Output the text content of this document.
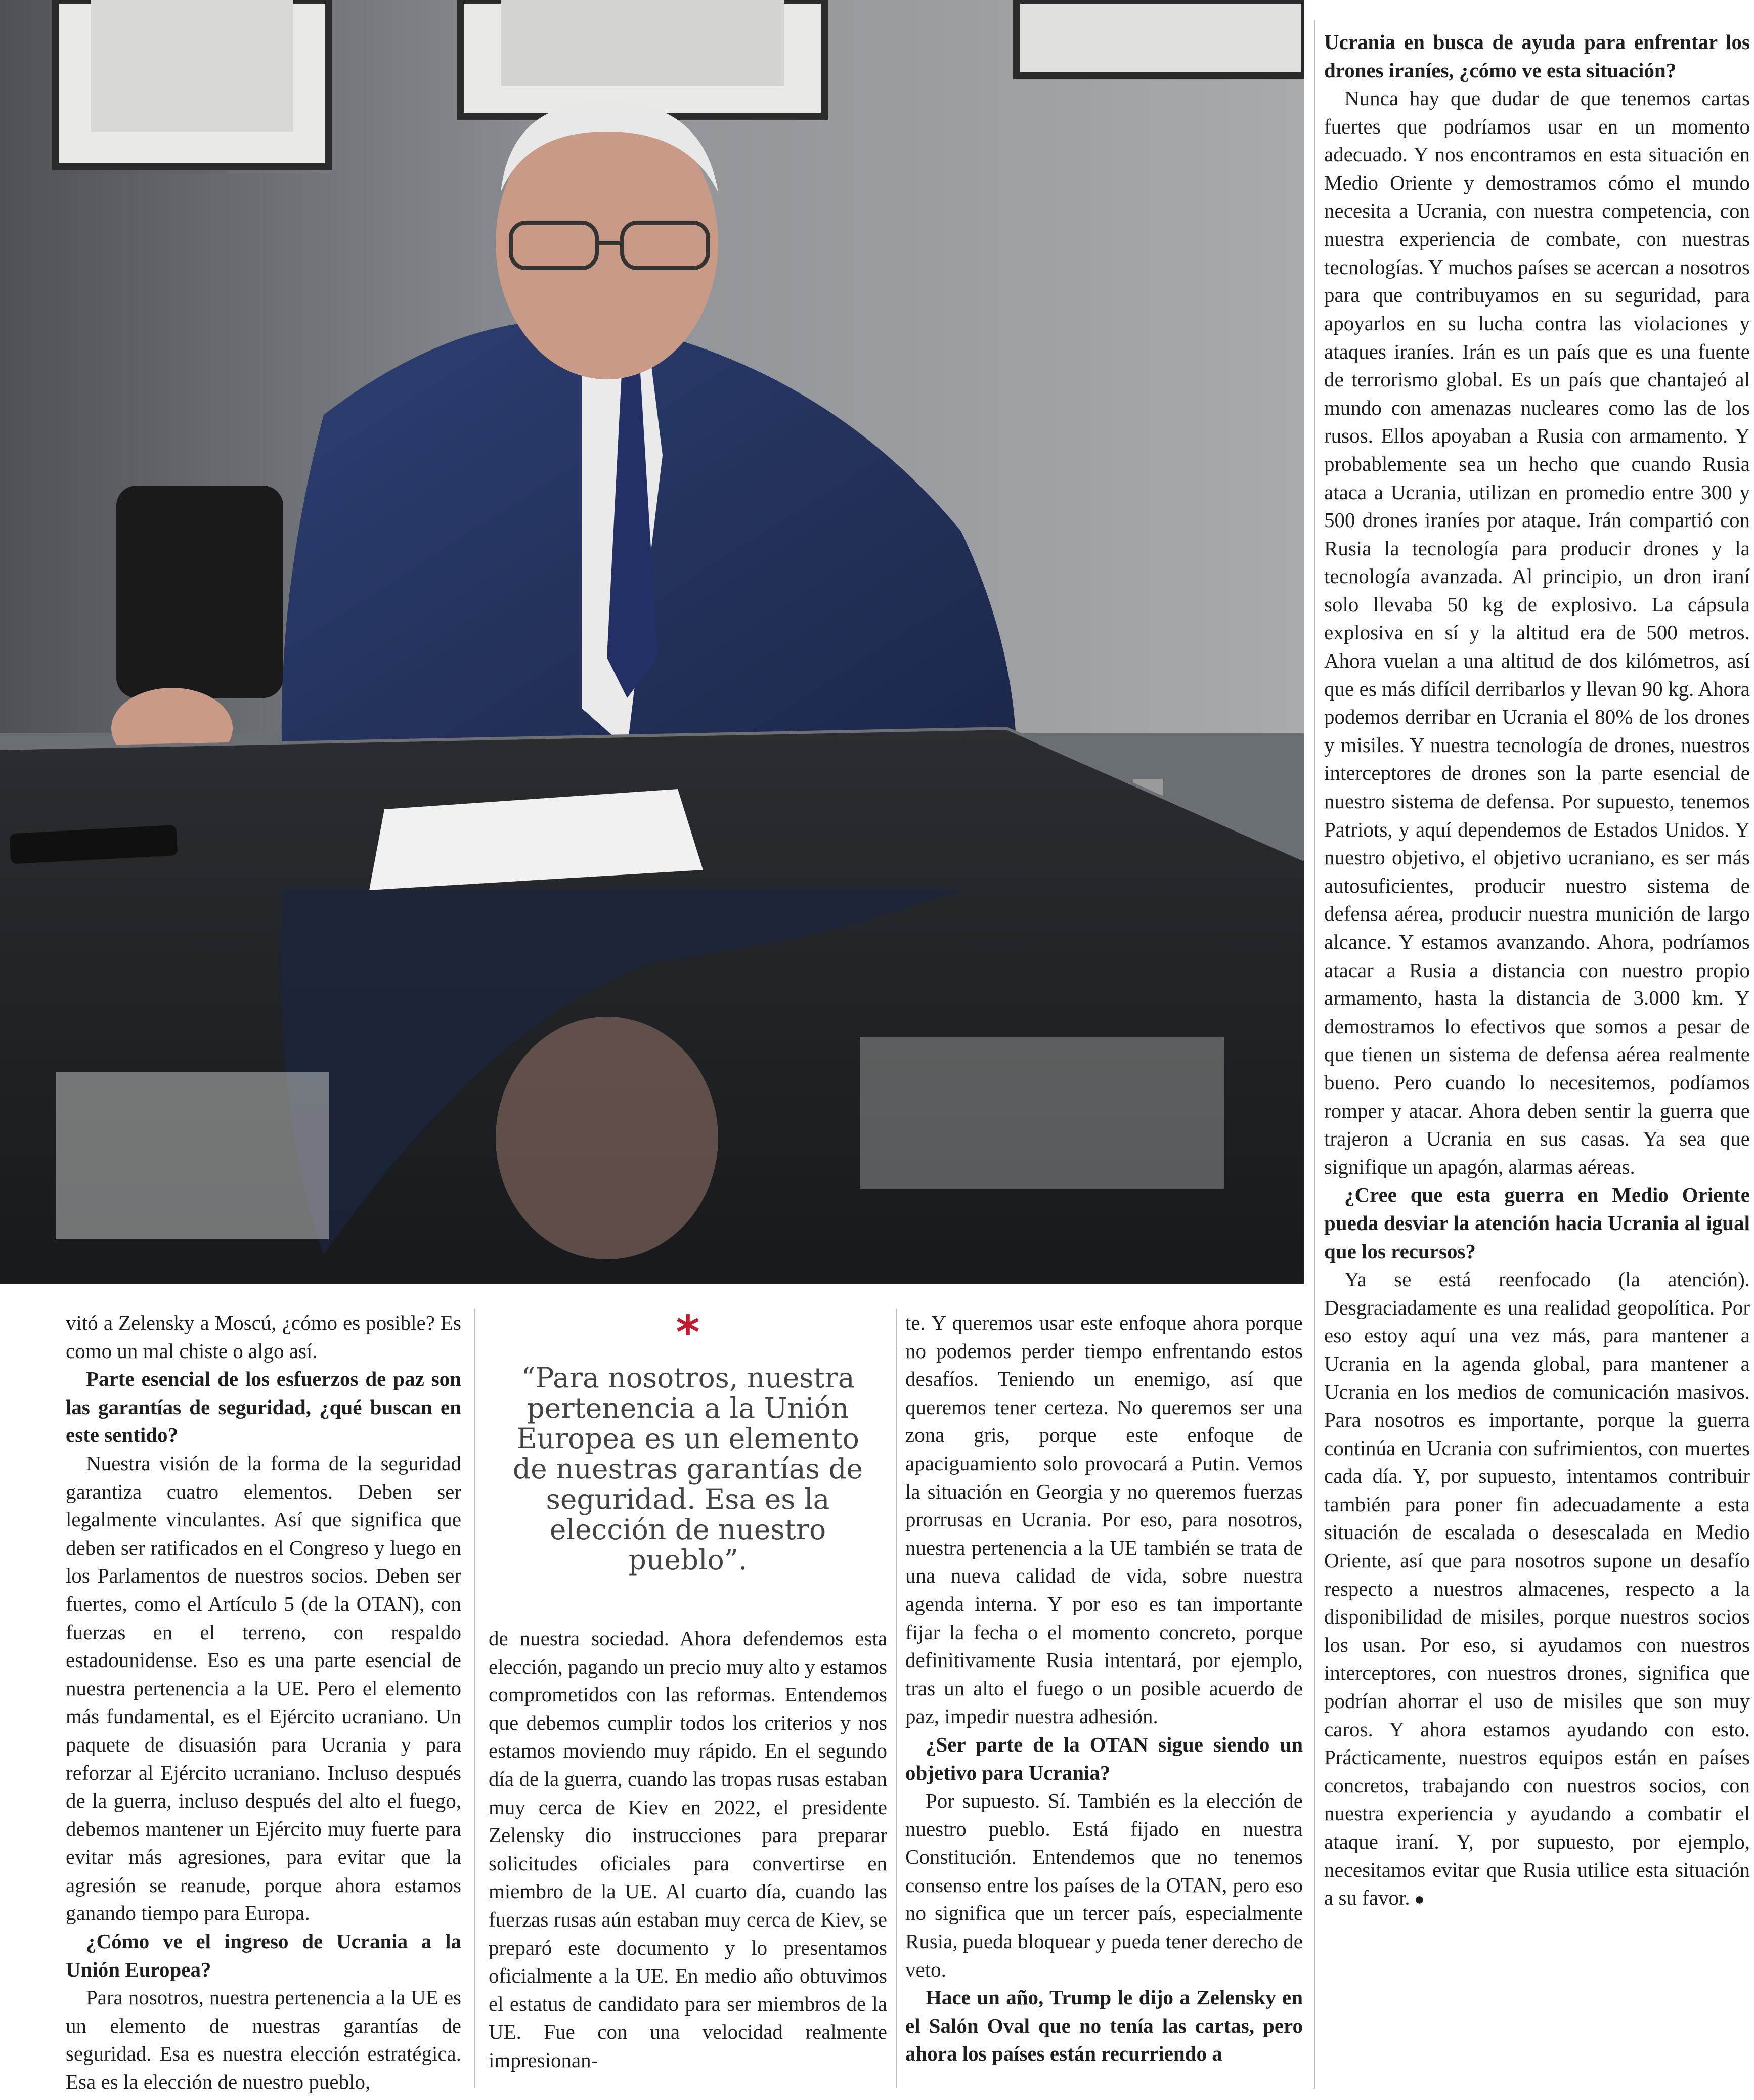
Ucrania en busca de ayuda para enfrentar los drones iraníes, ¿cómo ve esta situación?

Nunca hay que dudar de que tenemos cartas fuertes que podríamos usar en un momento adecuado. Y nos encontramos en esta situación en Medio Oriente y demostramos cómo el mundo necesita a Ucrania, con nuestra competencia, con nuestra experiencia de combate, con nuestras tecnologías. Y muchos países se acercan a nosotros para que contribuyamos en su seguridad, para apoyarlos en su lucha contra las violaciones y ataques iraníes. Irán es un país que es una fuente de terrorismo global. Es un país que chantajeó al mundo con amenazas nucleares como las de los rusos. Ellos apoyaban a Rusia con armamento. Y probablemente sea un hecho que cuando Rusia ataca a Ucrania, utilizan en promedio entre 300 y 500 drones iraníes por ataque. Irán compartió con Rusia la tecnología para producir drones y la tecnología avanzada. Al principio, un dron iraní solo llevaba 50 kg de explosivo. La cápsula explosiva en sí y la altitud era de 500 metros. Ahora vuelan a una altitud de dos kilómetros, así que es más difícil derribarlos y llevan 90 kg. Ahora podemos derribar en Ucrania el 80% de los drones y misiles. Y nuestra tecnología de drones, nuestros interceptores de drones son la parte esencial de nuestro sistema de defensa. Por supuesto, tenemos Patriots, y aquí dependemos de Estados Unidos. Y nuestro objetivo, el objetivo ucraniano, es ser más autosuficientes, producir nuestro sistema de defensa aérea, producir nuestra munición de largo alcance. Y estamos avanzando. Ahora, podríamos atacar a Rusia a distancia con nuestro propio armamento, hasta la distancia de 3.000 km. Y demostramos lo efectivos que somos a pesar de que tienen un sistema de defensa aérea realmente bueno. Pero cuando lo necesitemos, podíamos romper y atacar. Ahora deben sentir la guerra que trajeron a Ucrania en sus casas. Ya sea que signifique un apagón, alarmas aéreas.

¿Cree que esta guerra en Medio Oriente pueda desviar la atención hacia Ucrania al igual que los recursos?

Ya se está reenfocado (la atención). Desgraciadamente es una realidad geopolítica. Por eso estoy aquí una vez más, para mantener a Ucrania en la agenda global, para mantener a Ucrania en los medios de comunicación masivos. Para nosotros es importante, porque la guerra continúa en Ucrania con sufrimientos, con muertes cada día. Y, por supuesto, intentamos contribuir también para poner fin adecuadamente a esta situación de escalada o desescalada en Medio Oriente, así que para nosotros supone un desafío respecto a nuestros almacenes, respecto a la disponibilidad de misiles, porque nuestros socios los usan. Por eso, si ayudamos con nuestros interceptores, con nuestros drones, significa que podrían ahorrar el uso de misiles que son muy caros. Y ahora estamos ayudando con esto. Prácticamente, nuestros equipos están en países concretos, trabajando con nuestros socios, con nuestra experiencia y ayudando a combatir el ataque iraní. Y, por supuesto, por ejemplo, necesitamos evitar que Rusia utilice esta situación a su favor. ●

vitó a Zelensky a Moscú, ¿cómo es posible? Es como un mal chiste o algo así.

Parte esencial de los esfuerzos de paz son las garantías de seguridad, ¿qué buscan en este sentido?

Nuestra visión de la forma de la seguridad garantiza cuatro elementos. Deben ser legalmente vinculantes. Así que significa que deben ser ratificados en el Congreso y luego en los Parlamentos de nuestros socios. Deben ser fuertes, como el Artículo 5 (de la OTAN), con fuerzas en el terreno, con respaldo estadounidense. Eso es una parte esencial de nuestra pertenencia a la UE. Pero el elemento más fundamental, es el Ejército ucraniano. Un paquete de disuasión para Ucrania y para reforzar al Ejército ucraniano. Incluso después de la guerra, incluso después del alto el fuego, debemos mantener un Ejército muy fuerte para evitar más agresiones, para evitar que la agresión se reanude, porque ahora estamos ganando tiempo para Europa.

¿Cómo ve el ingreso de Ucrania a la Unión Europea?

Para nosotros, nuestra pertenencia a la UE es un elemento de nuestras garantías de seguridad. Esa es nuestra elección estratégica. Esa es la elección de nuestro pueblo,

*
“Para nosotros, nuestra pertenencia a la Unión Europea es un elemento de nuestras garantías de seguridad. Esa es la elección de nuestro pueblo”.

de nuestra sociedad. Ahora defendemos esta elección, pagando un precio muy alto y estamos comprometidos con las reformas. Entendemos que debemos cumplir todos los criterios y nos estamos moviendo muy rápido. En el segundo día de la guerra, cuando las tropas rusas estaban muy cerca de Kiev en 2022, el presidente Zelensky dio instrucciones para preparar solicitudes oficiales para convertirse en miembro de la UE. Al cuarto día, cuando las fuerzas rusas aún estaban muy cerca de Kiev, se preparó este documento y lo presentamos oficialmente a la UE. En medio año obtuvimos el estatus de candidato para ser miembros de la UE. Fue con una velocidad realmente impresionan-

te. Y queremos usar este enfoque ahora porque no podemos perder tiempo enfrentando estos desafíos. Teniendo un enemigo, así que queremos tener certeza. No queremos ser una zona gris, porque este enfoque de apaciguamiento solo provocará a Putin. Vemos la situación en Georgia y no queremos fuerzas prorrusas en Ucrania. Por eso, para nosotros, nuestra pertenencia a la UE también se trata de una nueva calidad de vida, sobre nuestra agenda interna. Y por eso es tan importante fijar la fecha o el momento concreto, porque definitivamente Rusia intentará, por ejemplo, tras un alto el fuego o un posible acuerdo de paz, impedir nuestra adhesión.

¿Ser parte de la OTAN sigue siendo un objetivo para Ucrania?

Por supuesto. Sí. También es la elección de nuestro pueblo. Está fijado en nuestra Constitución. Entendemos que no tenemos consenso entre los países de la OTAN, pero eso no significa que un tercer país, especialmente Rusia, pueda bloquear y pueda tener derecho de veto.

Hace un año, Trump le dijo a Zelensky en el Salón Oval que no tenía las cartas, pero ahora los países están recurriendo a
